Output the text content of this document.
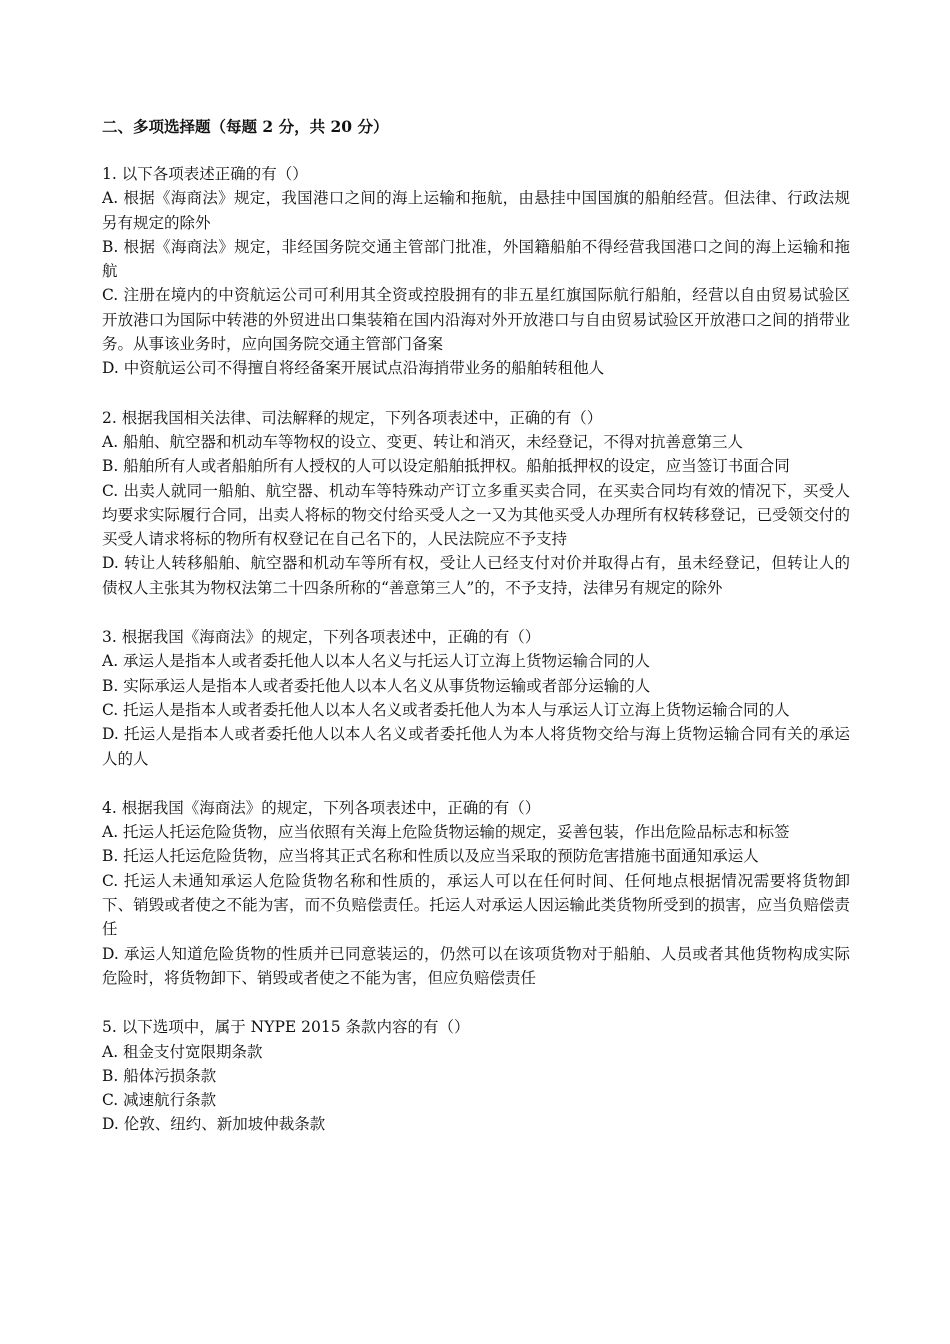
二、多项选择题（每题 2 分，共 20 分）
1. 以下各项表述正确的有（）
A. 根据《海商法》规定，我国港口之间的海上运输和拖航，由悬挂中国国旗的船舶经营。但法律、行政法规另有规定的除外
B. 根据《海商法》规定，非经国务院交通主管部门批准，外国籍船舶不得经营我国港口之间的海上运输和拖航
C. 注册在境内的中资航运公司可利用其全资或控股拥有的非五星红旗国际航行船舶，经营以自由贸易试验区开放港口为国际中转港的外贸进出口集装箱在国内沿海对外开放港口与自由贸易试验区开放港口之间的捎带业务。从事该业务时，应向国务院交通主管部门备案
D. 中资航运公司不得擅自将经备案开展试点沿海捎带业务的船舶转租他人
2. 根据我国相关法律、司法解释的规定，下列各项表述中，正确的有（）
A. 船舶、航空器和机动车等物权的设立、变更、转让和消灭，未经登记，不得对抗善意第三人
B. 船舶所有人或者船舶所有人授权的人可以设定船舶抵押权。船舶抵押权的设定，应当签订书面合同
C. 出卖人就同一船舶、航空器、机动车等特殊动产订立多重买卖合同，在买卖合同均有效的情况下，买受人均要求实际履行合同，出卖人将标的物交付给买受人之一又为其他买受人办理所有权转移登记，已受领交付的买受人请求将标的物所有权登记在自己名下的，人民法院应不予支持
D. 转让人转移船舶、航空器和机动车等所有权，受让人已经支付对价并取得占有，虽未经登记，但转让人的债权人主张其为物权法第二十四条所称的“善意第三人”的，不予支持，法律另有规定的除外
3. 根据我国《海商法》的规定，下列各项表述中，正确的有（）
A. 承运人是指本人或者委托他人以本人名义与托运人订立海上货物运输合同的人
B. 实际承运人是指本人或者委托他人以本人名义从事货物运输或者部分运输的人
C. 托运人是指本人或者委托他人以本人名义或者委托他人为本人与承运人订立海上货物运输合同的人
D. 托运人是指本人或者委托他人以本人名义或者委托他人为本人将货物交给与海上货物运输合同有关的承运人的人
4. 根据我国《海商法》的规定，下列各项表述中，正确的有（）
A. 托运人托运危险货物，应当依照有关海上危险货物运输的规定，妥善包装，作出危险品标志和标签
B. 托运人托运危险货物，应当将其正式名称和性质以及应当采取的预防危害措施书面通知承运人
C. 托运人未通知承运人危险货物名称和性质的，承运人可以在任何时间、任何地点根据情况需要将货物卸下、销毁或者使之不能为害，而不负赔偿责任。托运人对承运人因运输此类货物所受到的损害，应当负赔偿责任
D. 承运人知道危险货物的性质并已同意装运的，仍然可以在该项货物对于船舶、人员或者其他货物构成实际危险时，将货物卸下、销毁或者使之不能为害，但应负赔偿责任
5. 以下选项中，属于 NYPE 2015 条款内容的有（）
A. 租金支付宽限期条款
B. 船体污损条款
C. 减速航行条款
D. 伦敦、纽约、新加坡仲裁条款
